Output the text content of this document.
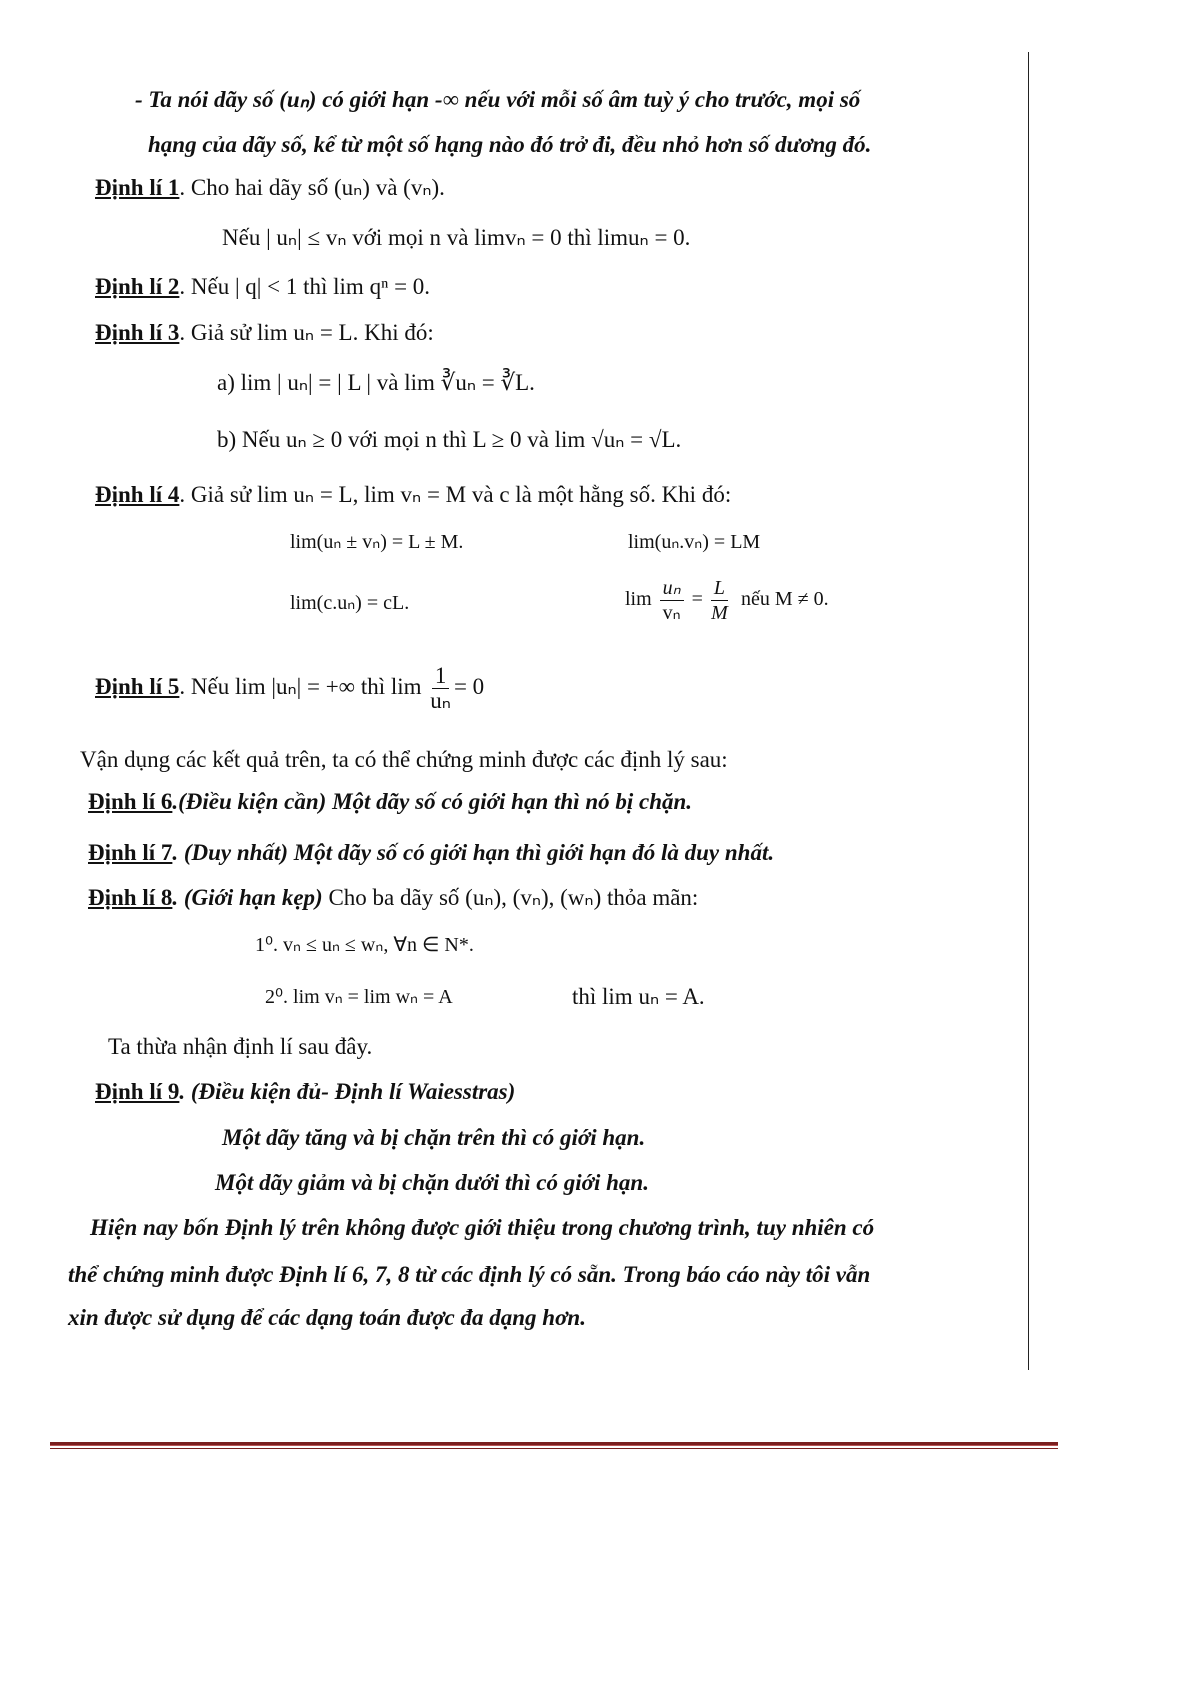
- Ta nói dãy số (uₙ) có giới hạn -∞ nếu với mỗi số âm tuỳ ý cho trước, mọi số
hạng của dãy số, kể từ một số hạng nào đó trở đi, đều nhỏ hơn số dương đó.
Định lí 1. Cho hai dãy số (uₙ) và (vₙ).
Nếu | uₙ| ≤ vₙ với mọi n và limvₙ = 0 thì limuₙ = 0.
Định lí 2. Nếu | q| < 1 thì lim qⁿ = 0.
Định lí 3. Giả sử lim uₙ = L. Khi đó:
a) lim | uₙ| = | L | và lim ∛uₙ = ∛L.
b) Nếu uₙ ≥ 0 với mọi n thì L ≥ 0 và lim √uₙ = √L.
Định lí 4. Giả sử lim uₙ = L, lim vₙ = M và c là một hằng số. Khi đó:
lim(uₙ ± vₙ) = L ± M.	lim(uₙ.vₙ) = LM
lim(c.uₙ) = cL.	$\lim \frac{\text{uₙ}}{\text{vₙ}} = \frac{L}{M}$ nếu M ≠ 0.
Định lí 5. Nếu lim |uₙ| = +∞ thì $\lim \frac{1}{\text{uₙ}} = 0$
Vận dụng các kết quả trên, ta có thể chứng minh được các định lý sau:
Định lí 6.(Điều kiện cần) Một dãy số có giới hạn thì nó bị chặn.
Định lí 7. (Duy nhất) Một dãy số có giới hạn thì giới hạn đó là duy nhất.
Định lí 8. (Giới hạn kẹp) Cho ba dãy số (uₙ), (vₙ), (wₙ) thỏa mãn:
1⁰. vₙ ≤ uₙ ≤ wₙ, ∀n ∈ N*.
2⁰. lim vₙ = lim wₙ = A	thì lim uₙ = A.
Ta thừa nhận định lí sau đây.
Định lí 9. (Điều kiện đủ- Định lí Waiesstras)
Một dãy tăng và bị chặn trên thì có giới hạn.
Một dãy giảm và bị chặn dưới thì có giới hạn.
Hiện nay bốn Định lý trên không được giới thiệu trong chương trình, tuy nhiên có
thể chứng minh được Định lí 6, 7, 8 từ các định lý có sẵn. Trong báo cáo này tôi vẫn
xin được sử dụng để các dạng toán được đa dạng hơn.
